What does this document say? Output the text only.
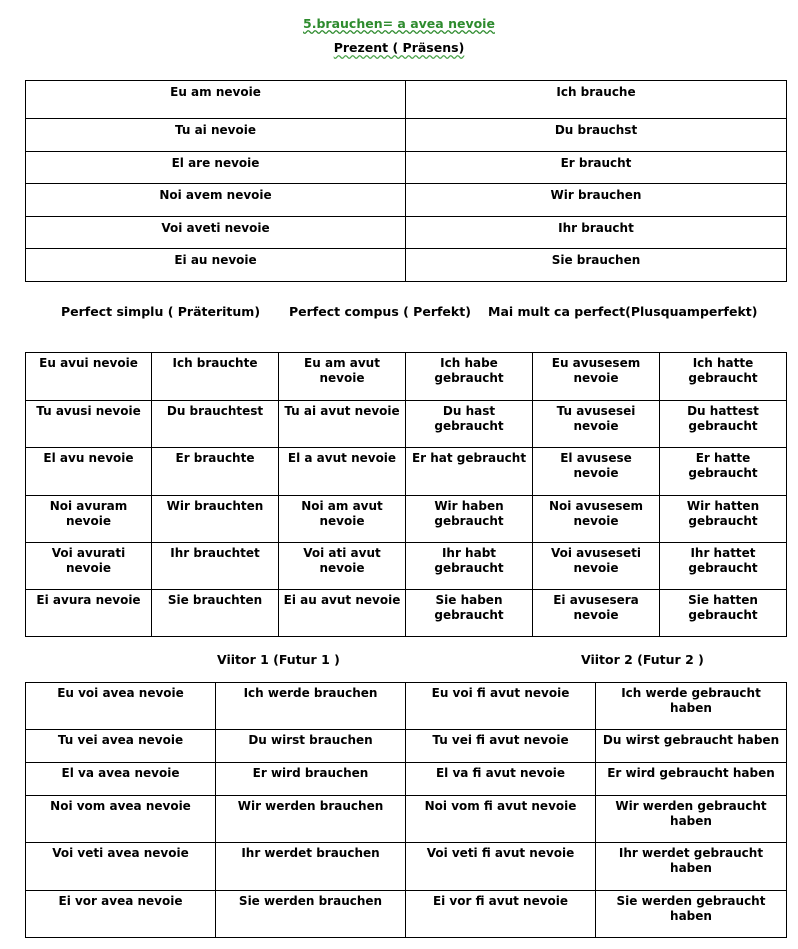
5.brauchen= a avea nevoie
Prezent ( Präsens)
Eu am nevoie	Ich brauche
Tu ai nevoie	Du brauchst
El are nevoie	Er braucht
Noi avem nevoie	Wir brauchen
Voi aveti nevoie	Ihr braucht
Ei au nevoie	Sie brauchen
Perfect simplu ( Präteritum) Perfect compus ( Perfekt) Mai mult ca perfect(Plusquamperfekt)
Eu avui nevoie	Ich brauchte	Eu am avut nevoie	Ich habe gebraucht	Eu avusesem nevoie	Ich hatte gebraucht
Tu avusi nevoie	Du brauchtest	Tu ai avut nevoie	Du hast gebraucht	Tu avusesei nevoie	Du hattest gebraucht
El avu nevoie	Er brauchte	El a avut nevoie	Er hat gebraucht	El avusese nevoie	Er hatte gebraucht
Noi avuram nevoie	Wir brauchten	Noi am avut nevoie	Wir haben gebraucht	Noi avusesem nevoie	Wir hatten gebraucht
Voi avurati nevoie	Ihr brauchtet	Voi ati avut nevoie	Ihr habt gebraucht	Voi avuseseti nevoie	Ihr hattet gebraucht
Ei avura nevoie	Sie brauchten	Ei au avut nevoie	Sie haben gebraucht	Ei avusesera nevoie	Sie hatten gebraucht
Viitor 1 (Futur 1 )	Viitor 2 (Futur 2 )
Eu voi avea nevoie	Ich werde brauchen	Eu voi fi avut nevoie	Ich werde gebraucht haben
Tu vei avea nevoie	Du wirst brauchen	Tu vei fi avut nevoie	Du wirst gebraucht haben
El va avea nevoie	Er wird brauchen	El va fi avut nevoie	Er wird gebraucht haben
Noi vom avea nevoie	Wir werden brauchen	Noi vom fi avut nevoie	Wir werden gebraucht haben
Voi veti avea nevoie	Ihr werdet brauchen	Voi veti fi avut nevoie	Ihr werdet gebraucht haben
Ei vor avea nevoie	Sie werden brauchen	Ei vor fi avut nevoie	Sie werden gebraucht haben
